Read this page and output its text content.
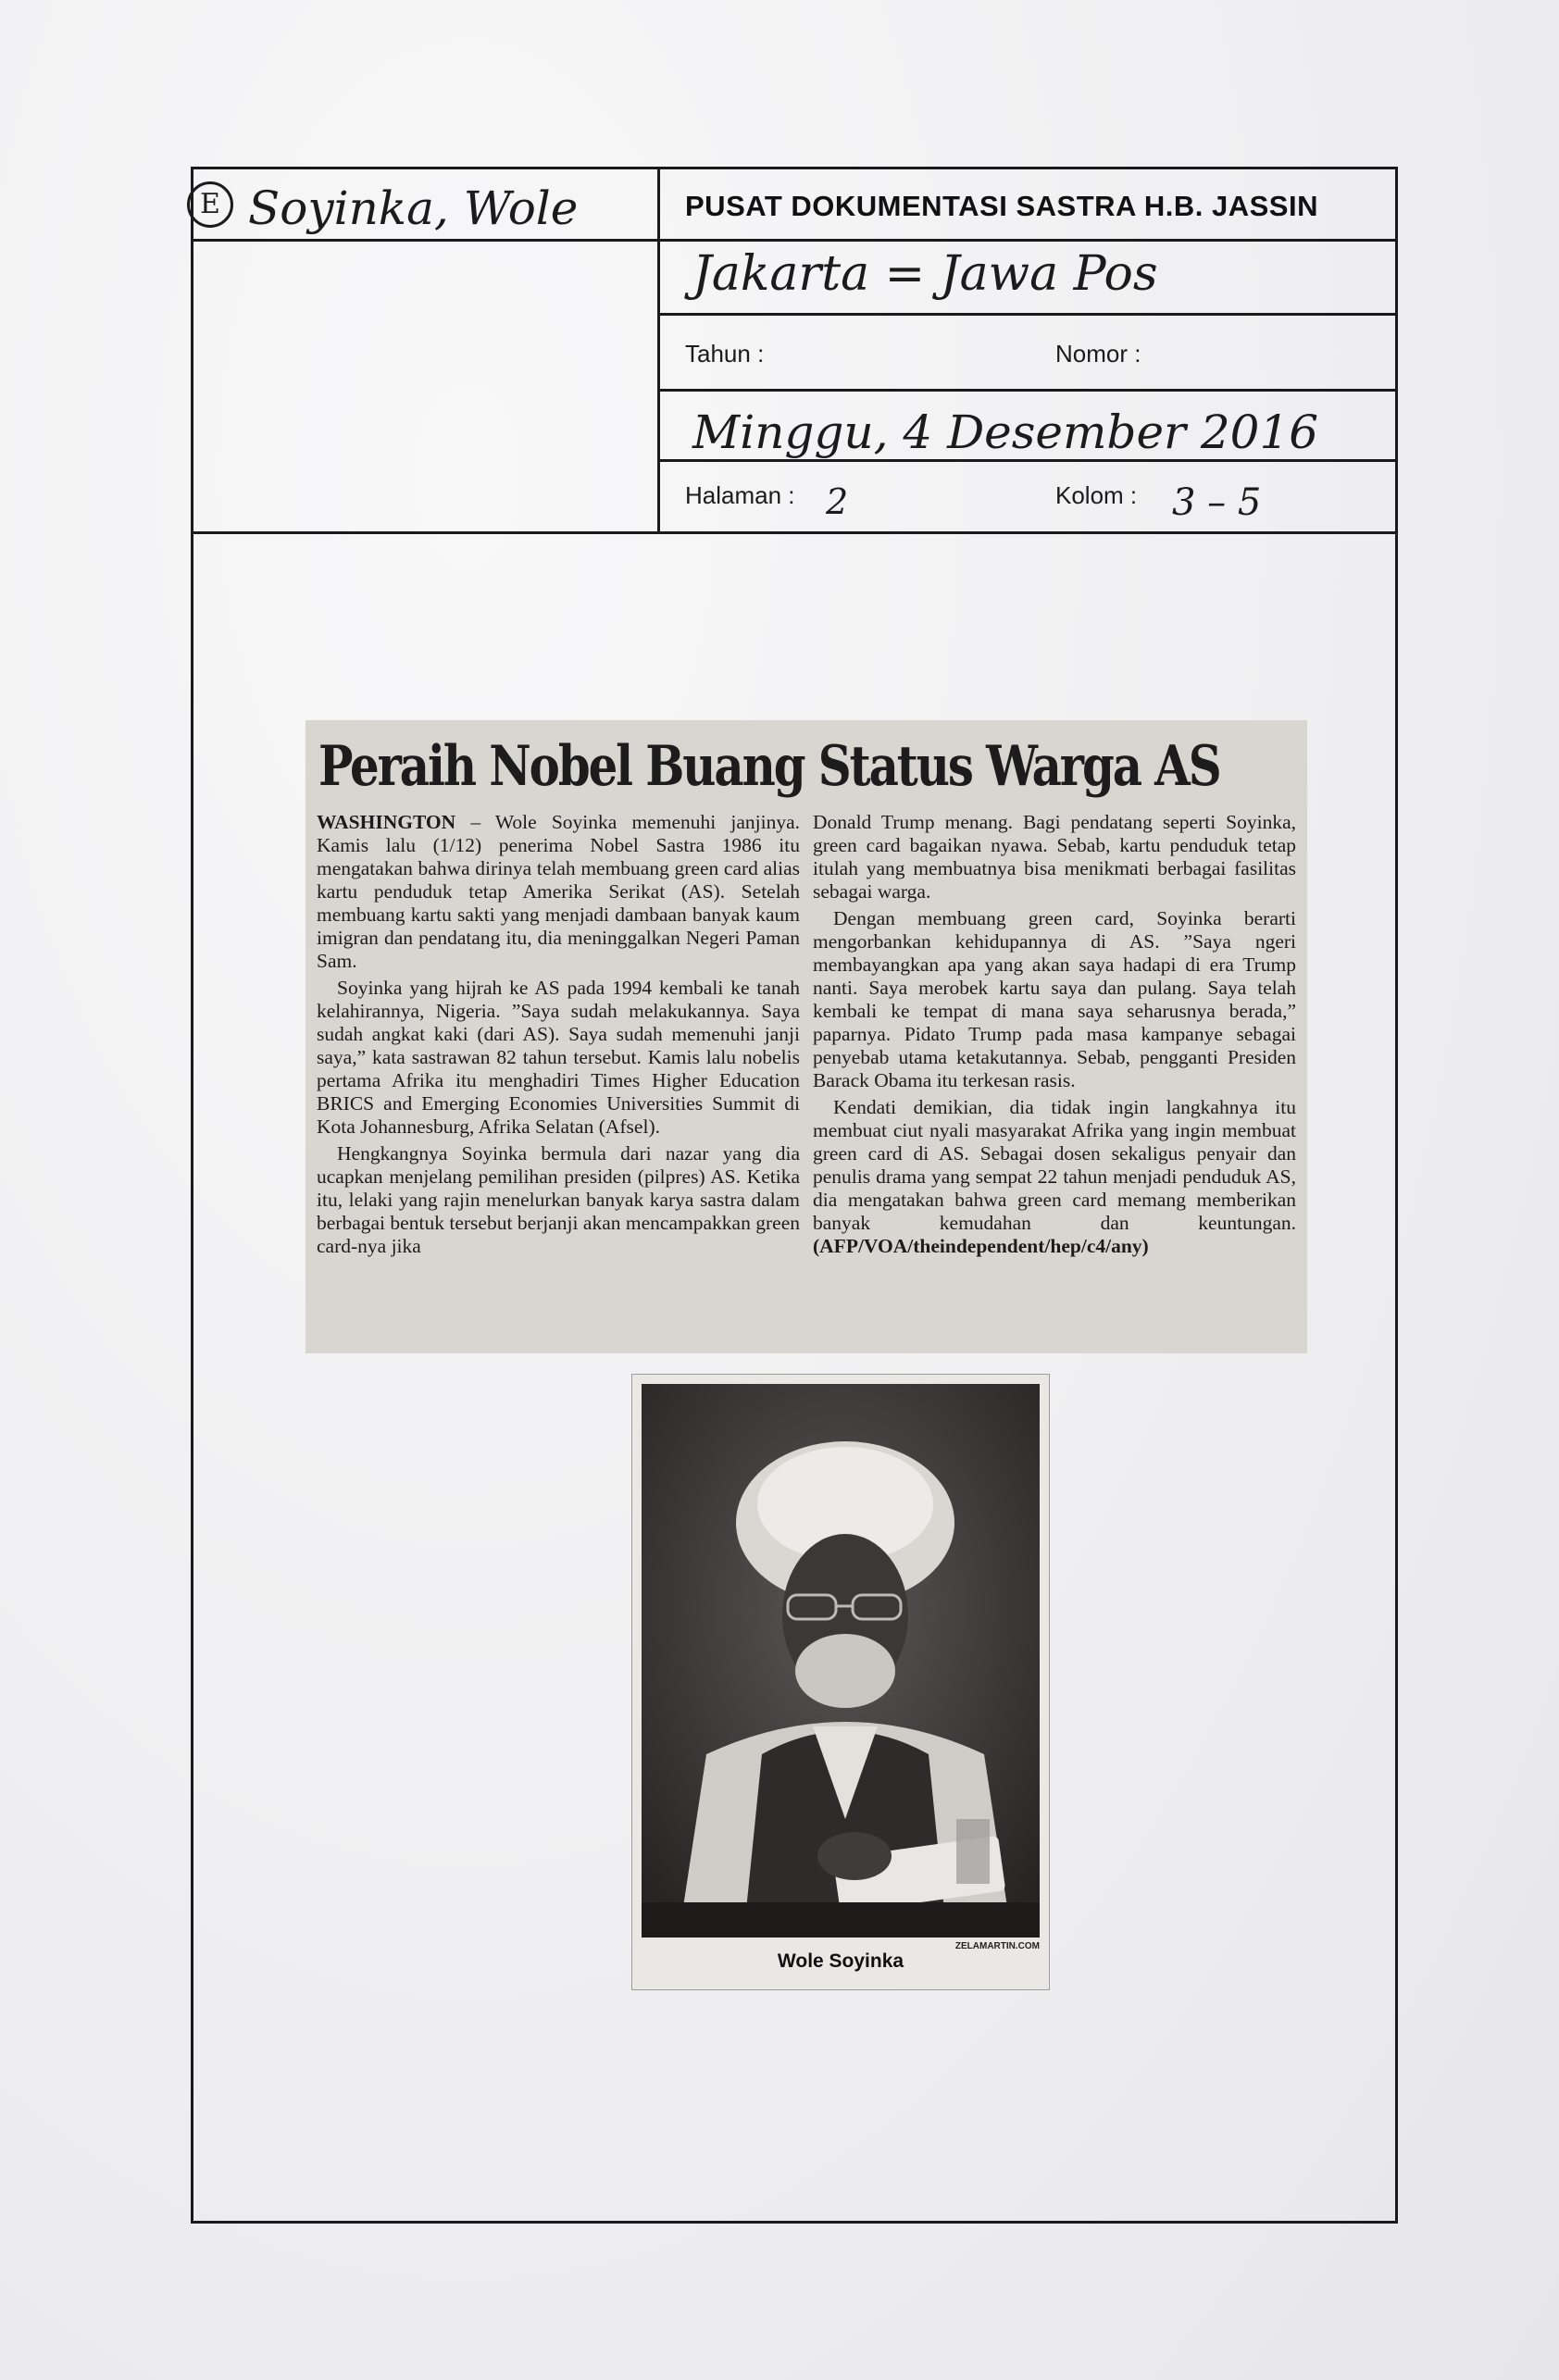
E Soyinka, Wole	PUSAT DOKUMENTASI SASTRA H.B. JASSIN
Jakarta = Jawa Pos
Tahun :	Nomor :
Minggu, 4 Desember 2016
Halaman : 2	Kolom : 3 – 5
Peraih Nobel Buang Status Warga AS

WASHINGTON – Wole Soyinka memenuhi janjinya. Kamis lalu (1/12) penerima Nobel Sastra 1986 itu mengatakan bahwa dirinya telah membuang green card alias kartu penduduk tetap Amerika Serikat (AS). Setelah membuang kartu sakti yang menjadi dambaan banyak kaum imigran dan pendatang itu, dia meninggalkan Negeri Paman Sam.

Soyinka yang hijrah ke AS pada 1994 kembali ke tanah kelahirannya, Nigeria. ”Saya sudah melakukannya. Saya sudah angkat kaki (dari AS). Saya sudah memenuhi janji saya,” kata sastrawan 82 tahun tersebut. Kamis lalu nobelis pertama Afrika itu menghadiri Times Higher Education BRICS and Emerging Economies Universities Summit di Kota Johannesburg, Afrika Selatan (Afsel).

Hengkangnya Soyinka bermula dari nazar yang dia ucapkan menjelang pemilihan presiden (pilpres) AS. Ketika itu, lelaki yang rajin menelurkan banyak karya sastra dalam berbagai bentuk tersebut berjanji akan mencampakkan green card-nya jika

Donald Trump menang. Bagi pendatang seperti Soyinka, green card bagaikan nyawa. Sebab, kartu penduduk tetap itulah yang membuatnya bisa menikmati berbagai fasilitas sebagai warga.

Dengan membuang green card, Soyinka berarti mengorbankan kehidupannya di AS. ”Saya ngeri membayangkan apa yang akan saya hadapi di era Trump nanti. Saya merobek kartu saya dan pulang. Saya telah kembali ke tempat di mana saya seharusnya berada,” paparnya. Pidato Trump pada masa kampanye sebagai penyebab utama ketakutannya. Sebab, pengganti Presiden Barack Obama itu terkesan rasis.

Kendati demikian, dia tidak ingin langkahnya itu membuat ciut nyali masyarakat Afrika yang ingin membuat green card di AS. Sebagai dosen sekaligus penyair dan penulis drama yang sempat 22 tahun menjadi penduduk AS, dia mengatakan bahwa green card memang memberikan banyak kemudahan dan keuntungan. (AFP/VOA/theindependent/hep/c4/any)

ZELAMARTIN.COM
Wole Soyinka
